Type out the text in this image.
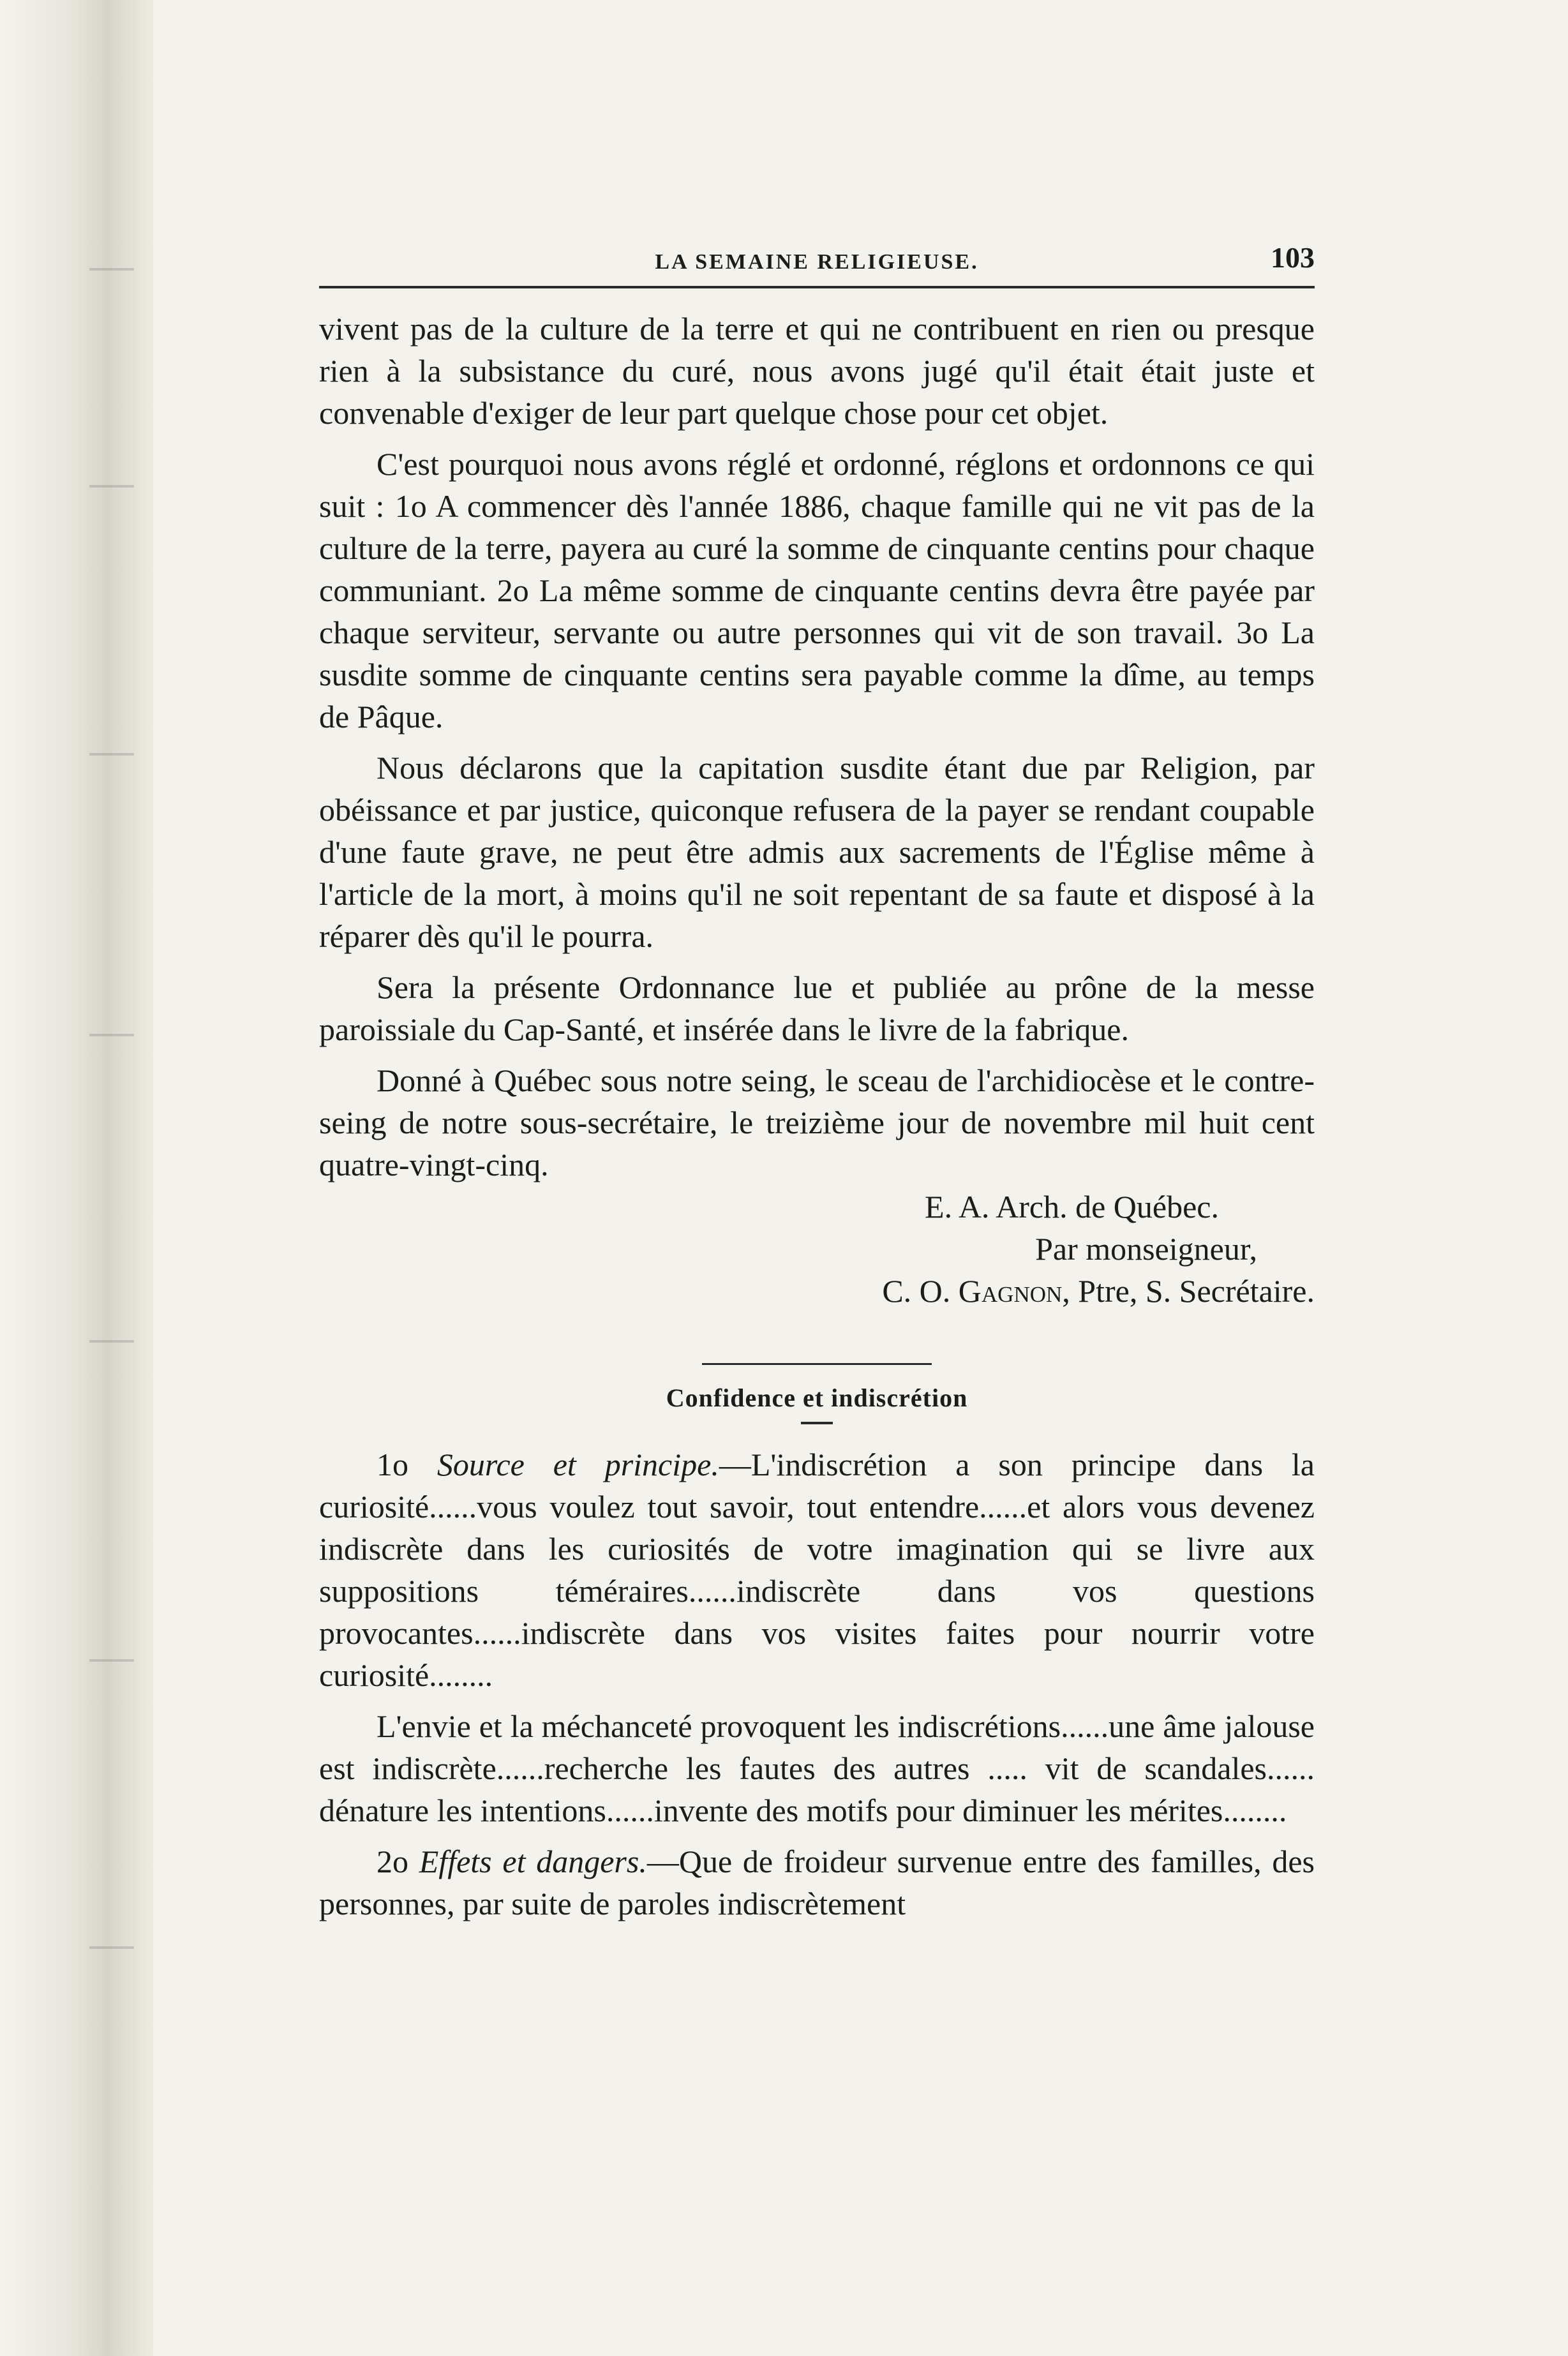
LA SEMAINE RELIGIEUSE.	103

vivent pas de la culture de la terre et qui ne contribuent en rien ou presque rien à la subsistance du curé, nous avons jugé qu'il était était juste et convenable d'exiger de leur part quelque chose pour cet objet.

C'est pourquoi nous avons réglé et ordonné, réglons et ordonnons ce qui suit : 1o A commencer dès l'année 1886, chaque famille qui ne vit pas de la culture de la terre, payera au curé la somme de cinquante centins pour chaque communiant. 2o La même somme de cinquante centins devra être payée par chaque serviteur, servante ou autre personnes qui vit de son travail. 3o La susdite somme de cinquante centins sera payable comme la dîme, au temps de Pâque.

Nous déclarons que la capitation susdite étant due par Religion, par obéissance et par justice, quiconque refusera de la payer se rendant coupable d'une faute grave, ne peut être admis aux sacrements de l'Église même à l'article de la mort, à moins qu'il ne soit repentant de sa faute et disposé à la réparer dès qu'il le pourra.

Sera la présente Ordonnance lue et publiée au prône de la messe paroissiale du Cap-Santé, et insérée dans le livre de la fabrique.

Donné à Québec sous notre seing, le sceau de l'archidiocèse et le contre-seing de notre sous-secrétaire, le treizième jour de novembre mil huit cent quatre-vingt-cinq.

E. A. Arch. de Québec.
Par monseigneur,
C. O. Gagnon, Ptre, S. Secrétaire.
Confidence et indiscrétion

1o Source et principe.—L'indiscrétion a son principe dans la curiosité......vous voulez tout savoir, tout entendre......et alors vous devenez indiscrète dans les curiosités de votre imagination qui se livre aux suppositions téméraires......indiscrète dans vos questions provocantes......indiscrète dans vos visites faites pour nourrir votre curiosité........

L'envie et la méchanceté provoquent les indiscrétions......une âme jalouse est indiscrète......recherche les fautes des autres ..... vit de scandales...... dénature les intentions......invente des motifs pour diminuer les mérites........

2o Effets et dangers.—Que de froideur survenue entre des familles, des personnes, par suite de paroles indiscrètement
